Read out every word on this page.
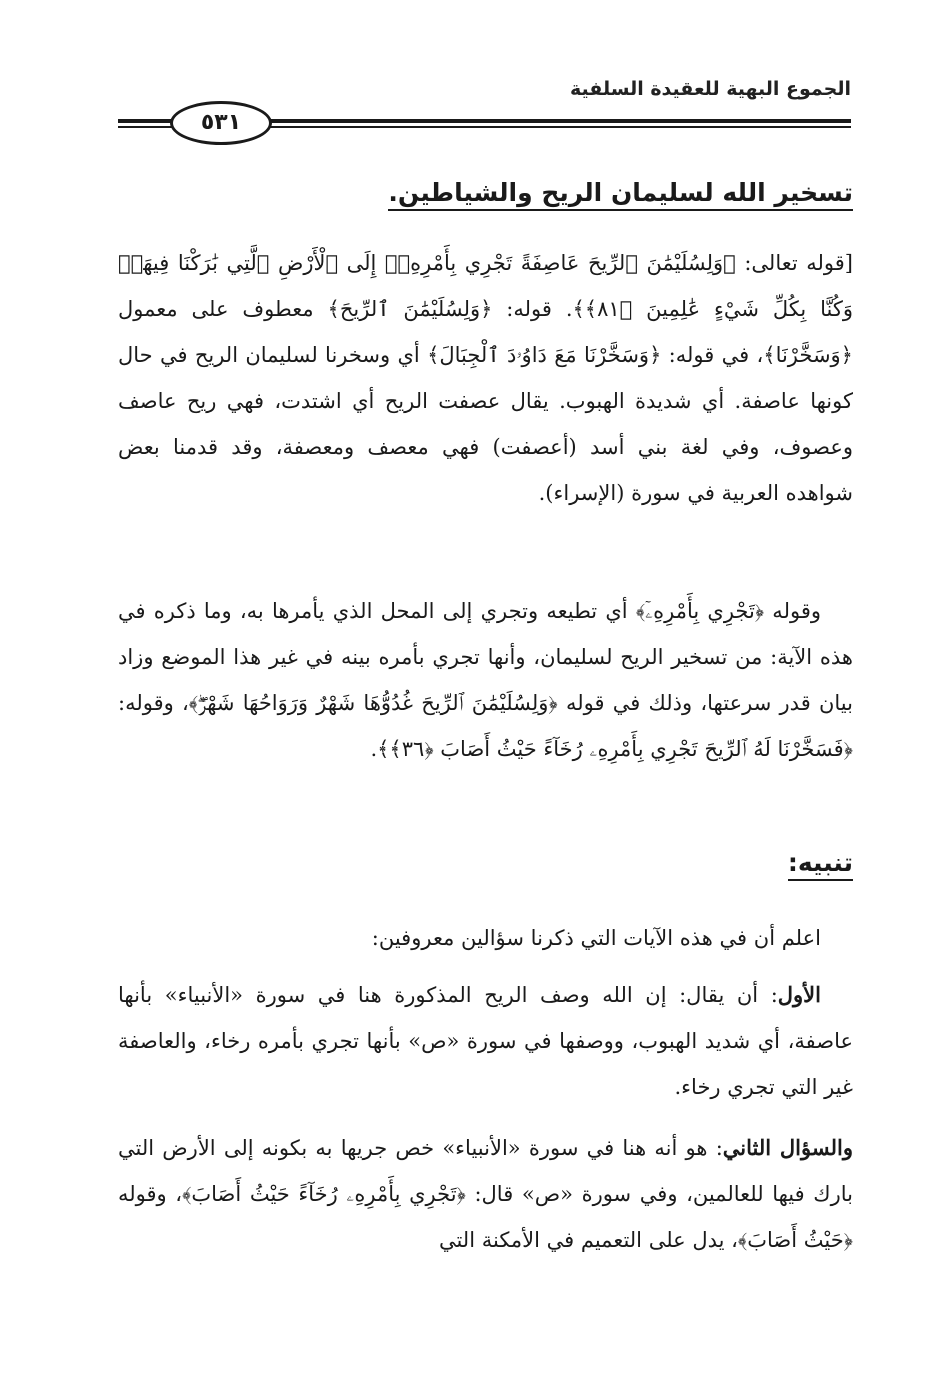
الجموع البهية للعقيدة السلفية
٥٣١
تسخير الله لسليمان الريح والشياطين.
[قوله تعالى: ﴿وَلِسُلَيْمَٰنَ ٱلرِّيحَ عَاصِفَةً تَجْرِي بِأَمْرِهِۦٓ إِلَى ٱلْأَرْضِ ٱلَّتِي بَٰرَكْنَا فِيهَاۚ وَكُنَّا بِكُلِّ شَيْءٍ عَٰلِمِينَ ﴿٨١﴾﴾. قوله: ﴿وَلِسُلَيْمَٰنَ ٱلرِّيحَ﴾ معطوف على معمول ﴿وَسَخَّرْنَا﴾، في قوله: ﴿وَسَخَّرْنَا مَعَ دَاوُۥدَ ٱلْجِبَالَ﴾ أي وسخرنا لسليمان الريح في حال كونها عاصفة. أي شديدة الهبوب. يقال عصفت الريح أي اشتدت، فهي ريح عاصف وعصوف، وفي لغة بني أسد (أعصفت) فهي معصف ومعصفة، وقد قدمنا بعض شواهده العربية في سورة (الإسراء).
وقوله ﴿تَجْرِي بِأَمْرِهِۦٓ﴾ أي تطيعه وتجري إلى المحل الذي يأمرها به، وما ذكره في هذه الآية: من تسخير الريح لسليمان، وأنها تجري بأمره بينه في غير هذا الموضع وزاد بيان قدر سرعتها، وذلك في قوله ﴿وَلِسُلَيْمَٰنَ ٱلرِّيحَ غُدُوُّهَا شَهْرٌ وَرَوَاحُهَا شَهْرٌۖ﴾، وقوله: ﴿فَسَخَّرْنَا لَهُ ٱلرِّيحَ تَجْرِي بِأَمْرِهِۦ رُخَآءً حَيْثُ أَصَابَ ﴿٣٦﴾﴾.
تنبيه:
اعلم أن في هذه الآيات التي ذكرنا سؤالين معروفين:
الأول: أن يقال: إن الله وصف الريح المذكورة هنا في سورة «الأنبياء» بأنها عاصفة، أي شديد الهبوب، ووصفها في سورة «ص» بأنها تجري بأمره رخاء، والعاصفة غير التي تجري رخاء.
والسؤال الثاني: هو أنه هنا في سورة «الأنبياء» خص جريها به بكونه إلى الأرض التي بارك فيها للعالمين، وفي سورة «ص» قال: ﴿تَجْرِي بِأَمْرِهِۦ رُخَآءً حَيْثُ أَصَابَ﴾، وقوله ﴿حَيْثُ أَصَابَ﴾، يدل على التعميم في الأمكنة التي
